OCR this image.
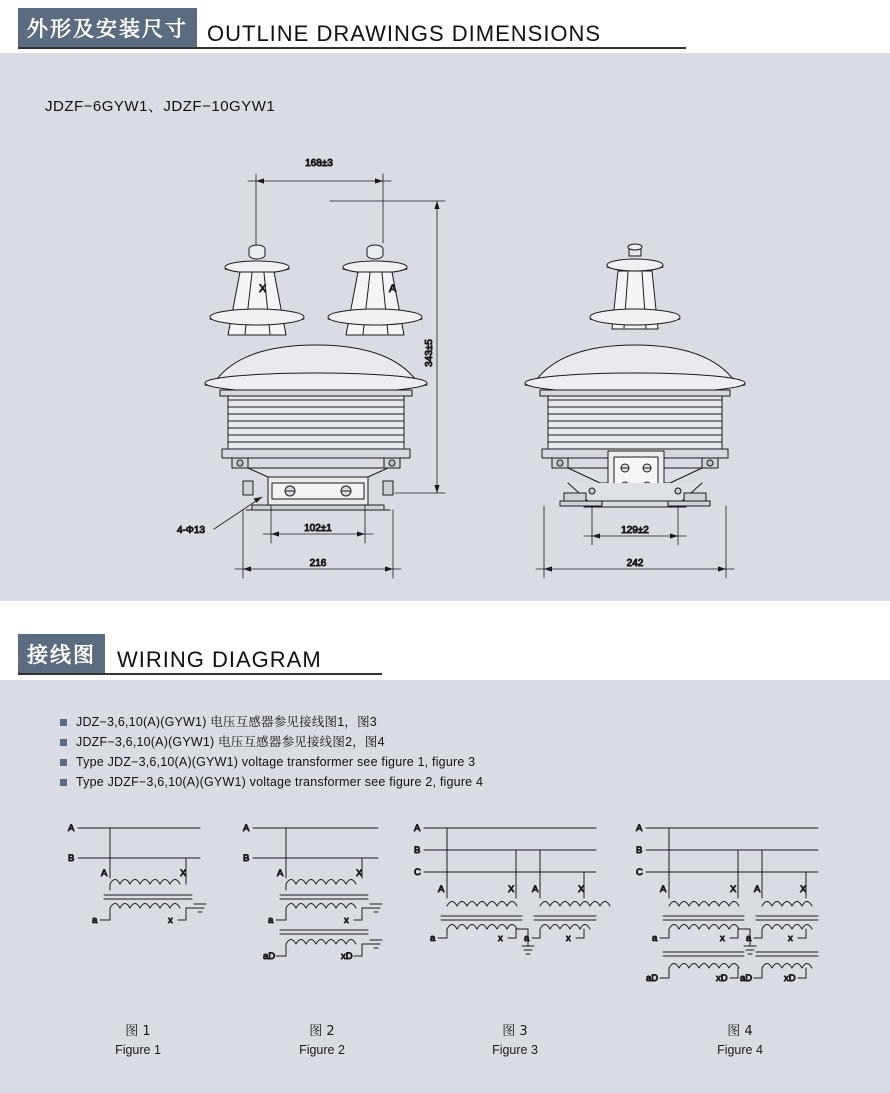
外形及安装尺寸 OUTLINE DRAWINGS DIMENSIONS
JDZF−6GYW1、JDZF−10GYW1
168±3
343±5
X	A
4-Φ13	102±1
216
129±2
242
接线图 WIRING DIAGRAM
JDZ−3,6,10(A)(GYW1) 电压互感器参见接线图1，图3
JDZF−3,6,10(A)(GYW1) 电压互感器参见接线图2，图4
Type JDZ−3,6,10(A)(GYW1) voltage transformer see figure 1, figure 3
Type JDZF−3,6,10(A)(GYW1) voltage transformer see figure 2, figure 4
A
B
A	X
a	x
A
B
A	X
a	x
aD	xD
A
B
C
A	X A	X
a	x a	x
A
B
C
A	X A	X
a	x a	x
aD	xD aD	xD
图 1
Figure 1
图 2
Figure 2
图 3
Figure 3
图 4
Figure 4
